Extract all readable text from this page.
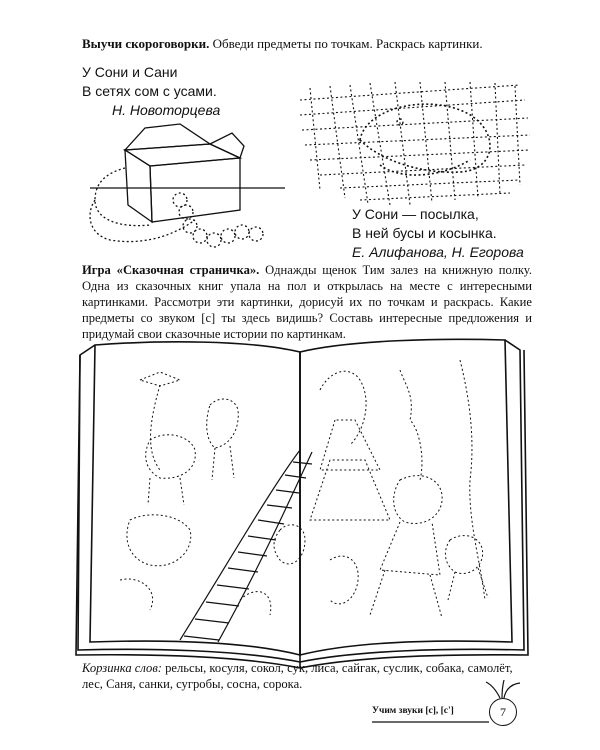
Выучи скороговорки. Обведи предметы по точкам. Раскрась картинки.
У Сони и Сани
В сетях сом с усами.
Н. Новоторцева
У Сони — посылка,
В ней бусы и косынка.
Е. Алифанова, Н. Егорова
Игра «Сказочная страничка». Однажды щенок Тим залез на книжную полку. Одна из сказочных книг упала на пол и открылась на месте с интересными картинками. Рассмотри эти картинки, дорисуй их по точкам и раскрась. Какие предметы со звуком [с] ты здесь видишь? Составь интересные предложения и придумай свои сказочные истории по картинкам.
Корзинка слов: рельсы, косуля, сокол, сук, лиса, сайгак, суслик, собака, самолёт, лес, Саня, санки, сугробы, сосна, сорока.
Учим звуки [с], [с']	7
